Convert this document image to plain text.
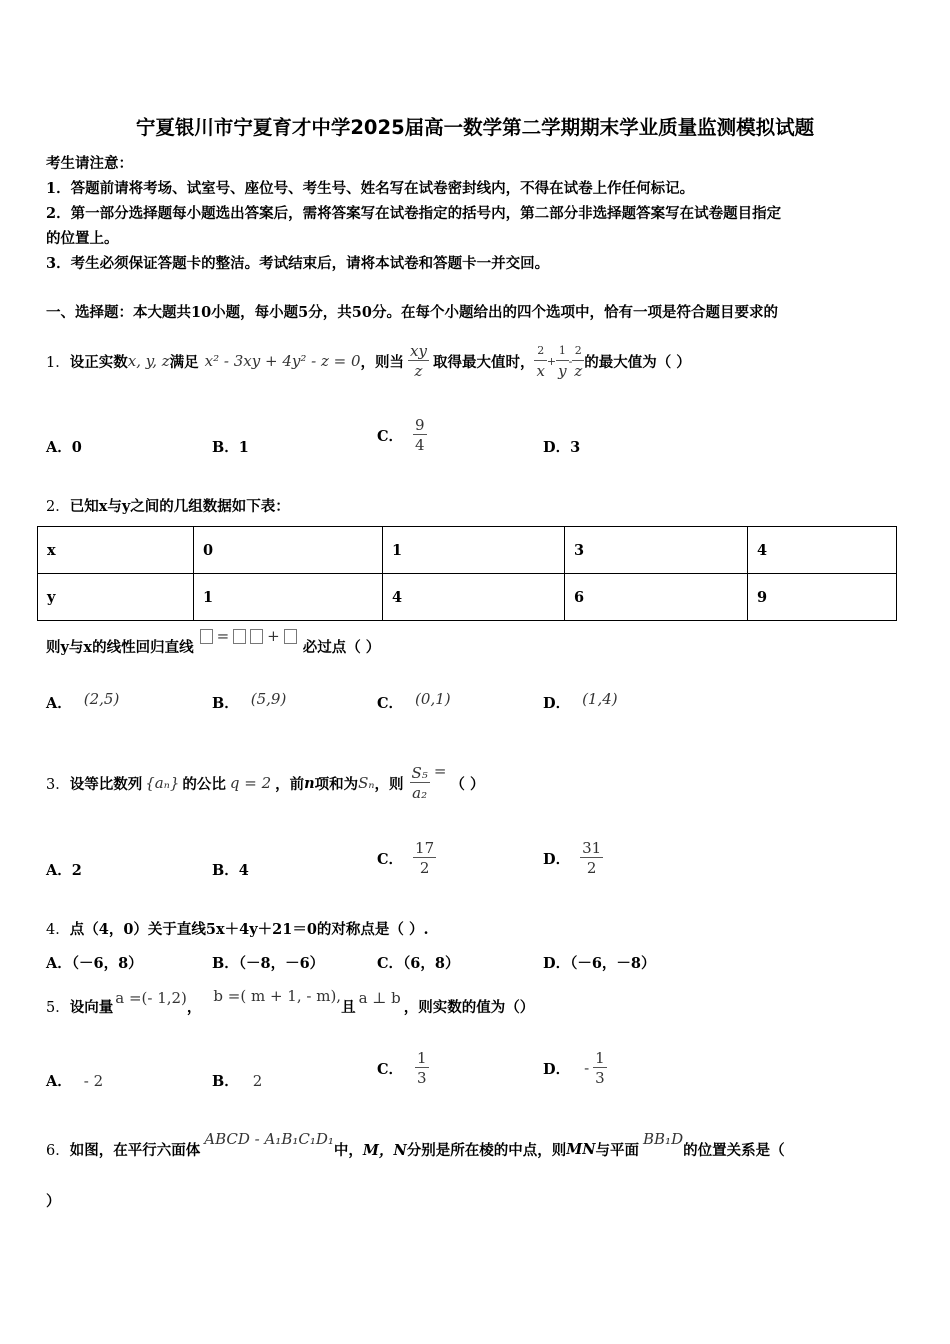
宁夏银川市宁夏育才中学2025届高一数学第二学期期末学业质量监测模拟试题
考生请注意：
1．答题前请将考场、试室号、座位号、考生号、姓名写在试卷密封线内，不得在试卷上作任何标记。
2．第一部分选择题每小题选出答案后，需将答案写在试卷指定的括号内，第二部分非选择题答案写在试卷题目指定
的位置上。
3．考生必须保证答题卡的整洁。考试结束后，请将本试卷和答题卡一并交回。
一、选择题：本大题共10小题，每小题5分，共50分。在每个小题给出的四个选项中，恰有一项是符合题目要求的
1． 设正实数 x, y, z 满足 x² - 3xy + 4y² - z = 0 ，则当 $\frac{xy}{z}$ 取得最大值时， $\frac{2}{x} + \frac{1}{y} - \frac{2}{z}$ 的最大值为（ ）
A．0	B．1
C． $\frac{9}{4}$	D．3
2．已知x与y之间的几组数据如下表：
x	0	1	3	4
y	1	4	6	9
则y与x的线性回归直线
=	+
必过点（ ）
A． (2,5)	B． (5,9)	C． (0,1)	D． (1,4)
3． 设等比数列 {aₙ} 的公比 q = 2 ，前 n 项和为 Sₙ ，则 $\frac{\text{S₅}}{\text{a₂}}$ =
（ ）
A．2	B．4
C． $\frac{17}{2}$	D． $\frac{31}{2}$
4．点（4，0）关于直线5x＋4y＋21＝0的对称点是（ ）.
A．（－6，8）	B．（－8，－6）	C．（6，8）	D．（－6，－8）
5． 设向量 a =(- 1,2) ，
b =( m + 1, - m),
且 a ⊥ b ，则实数的值为（）
A． - 2	B． 2
C． $\frac{1}{3}$	D． - $\frac{1}{3}$
6． 如图，在平行六面体
ABCD - A₁B₁C₁D₁
中， M，N 分别是所在棱的中点，则 MN 与平面
BB₁D
的位置关系是（
）
